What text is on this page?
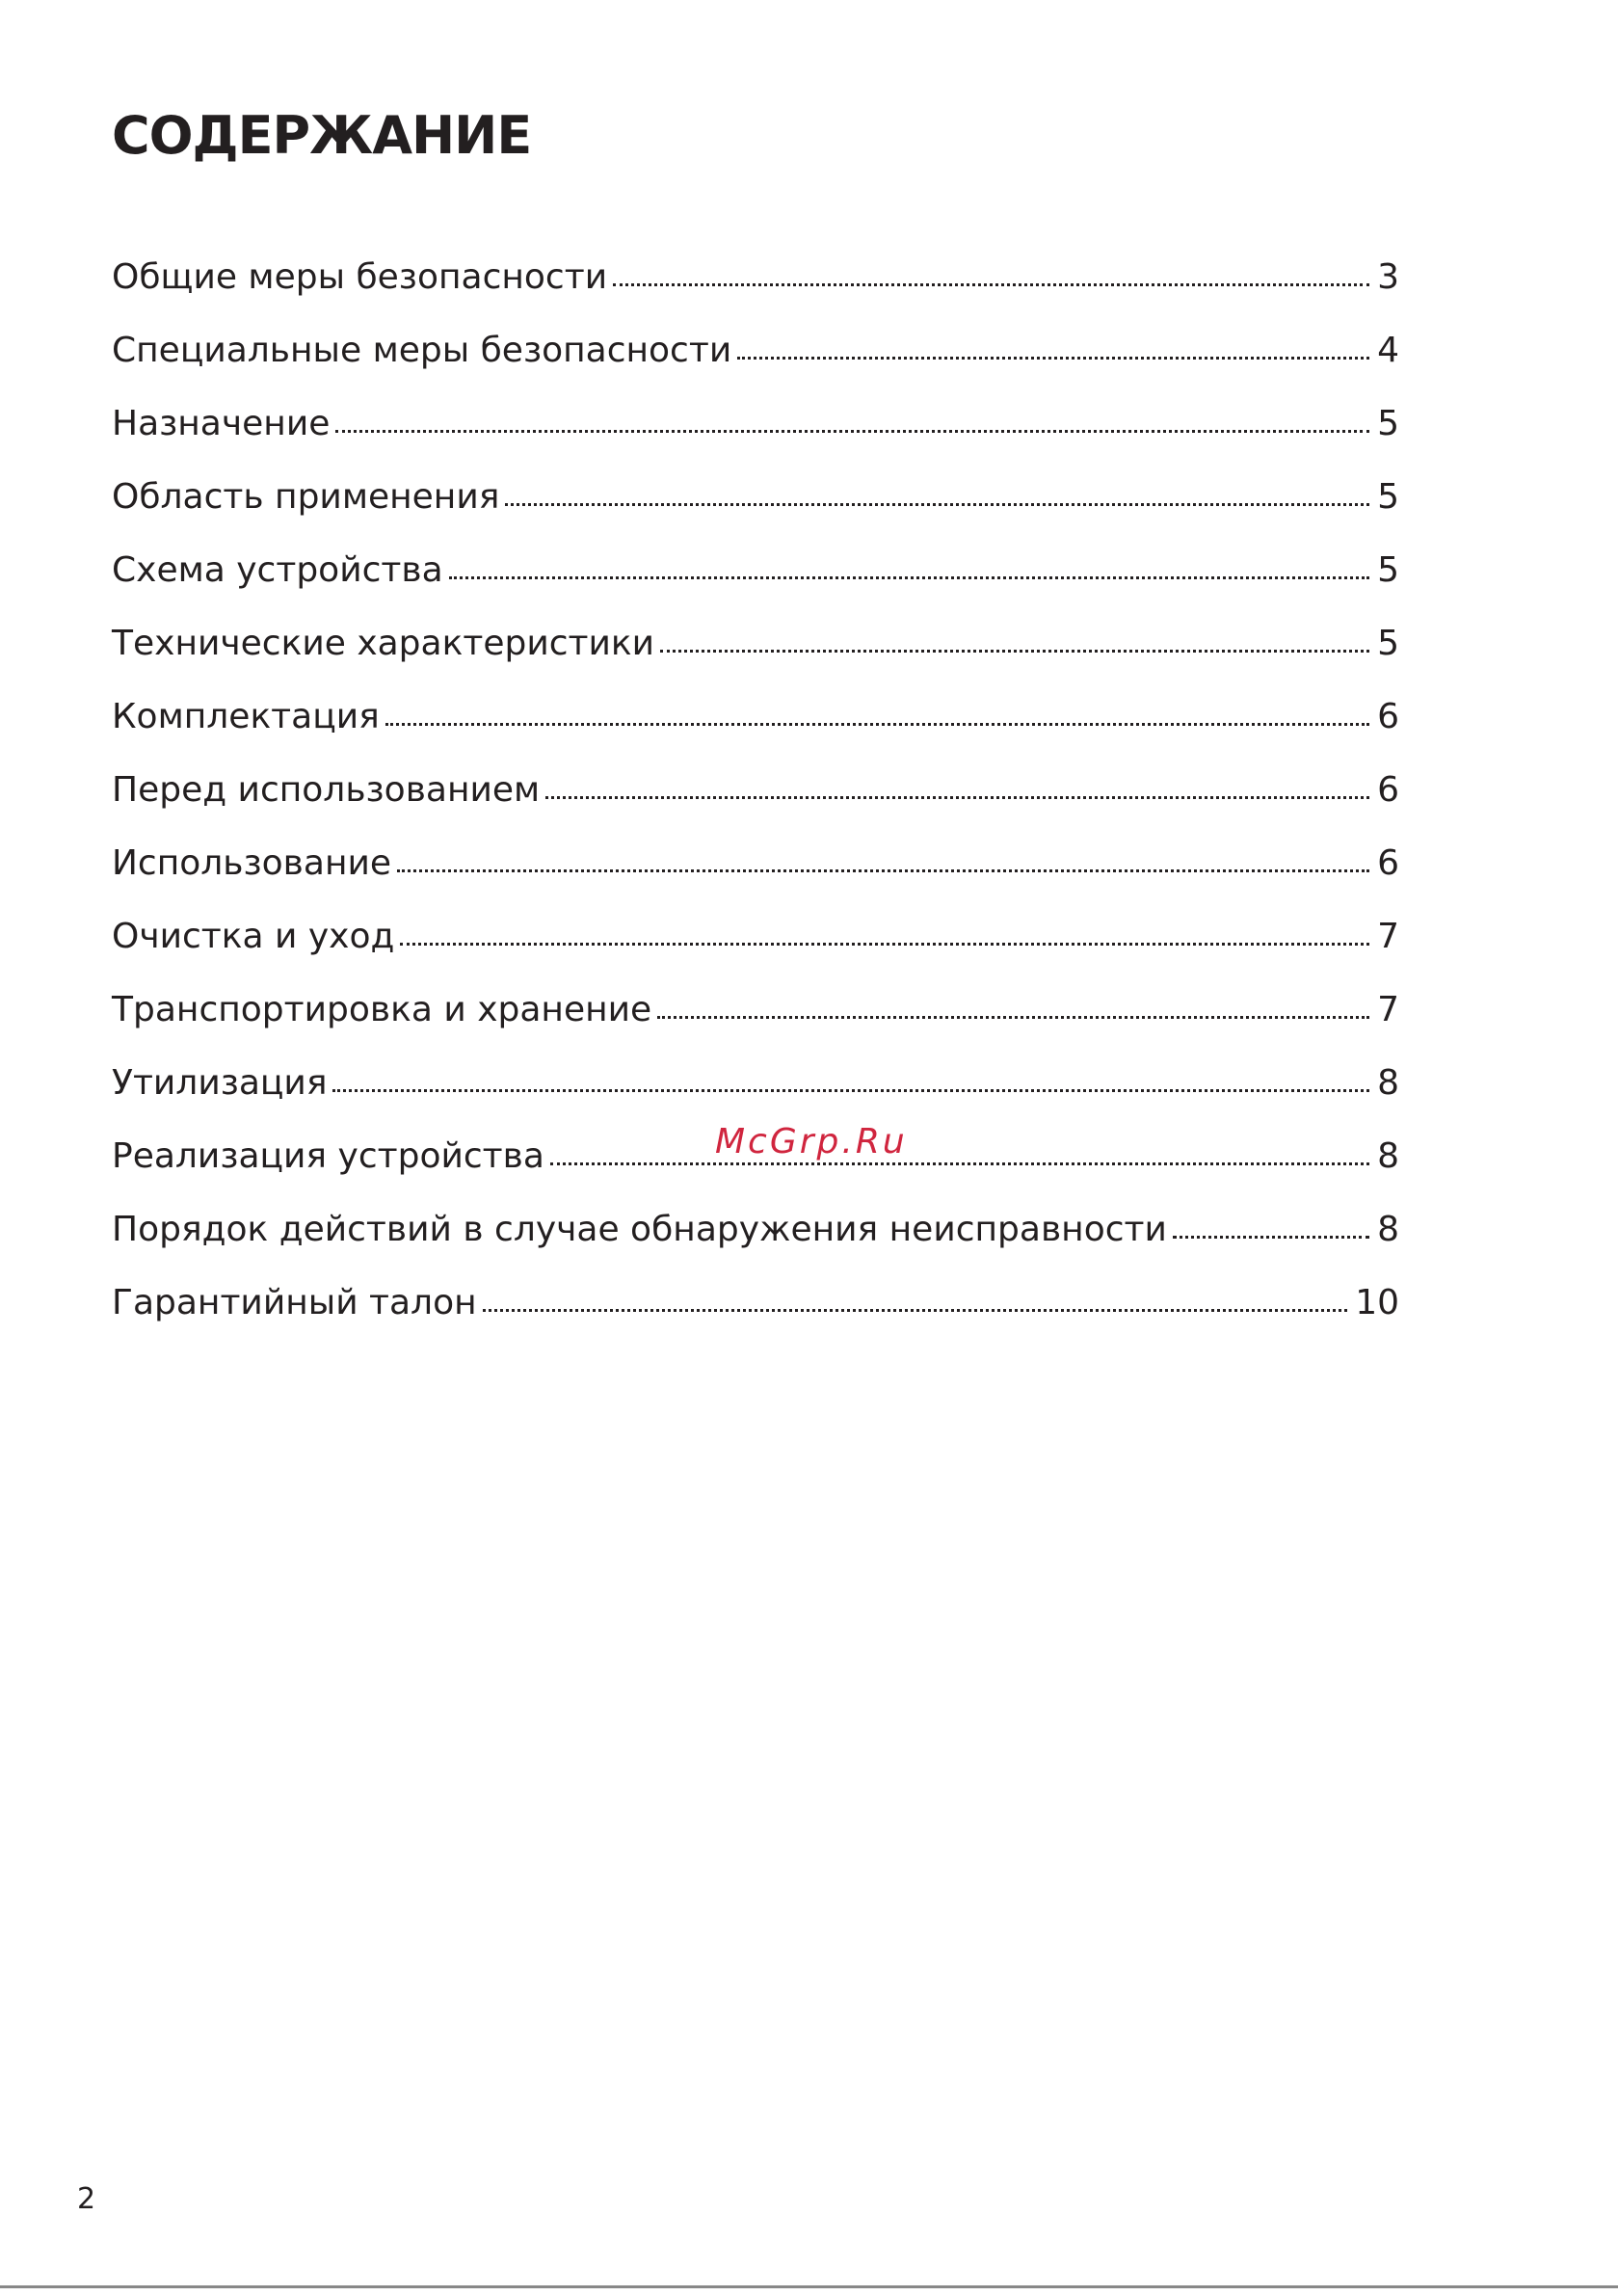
СОДЕРЖАНИЕ
Общие меры безопасности	3
Специальные меры безопасности	4
Назначение	5
Область применения	5
Схема устройства	5
Технические характеристики	5
Комплектация	6
Перед использованием	6
Использование	6
Очистка и уход	7
Транспортировка и хранение	7
Утилизация	8
Реализация устройства	8
Порядок действий в случае обнаружения неисправности	8
Гарантийный талон	10
McGrp.Ru
2
